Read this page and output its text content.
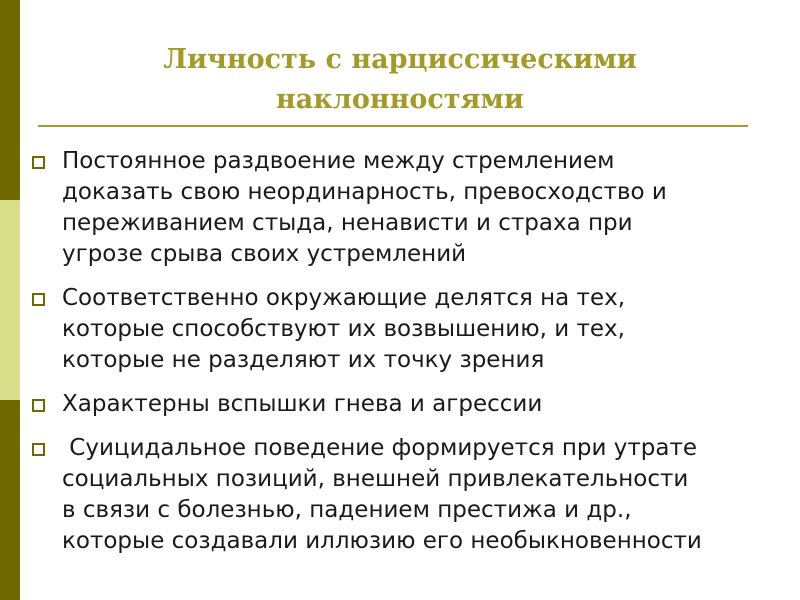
Личность с нарциссическими
наклонностями
Постоянное раздвоение между стремлением
доказать свою неординарность, превосходство и
переживанием стыда, ненависти и страха при
угрозе срыва своих устремлений
Соответственно окружающие делятся на тех,
которые способствуют их возвышению, и тех,
которые не разделяют их точку зрения
Характерны вспышки гнева и агрессии
Суицидальное поведение формируется при утрате
социальных позиций, внешней привлекательности
в связи с болезнью, падением престижа и др.,
которые создавали иллюзию его необыкновенности
